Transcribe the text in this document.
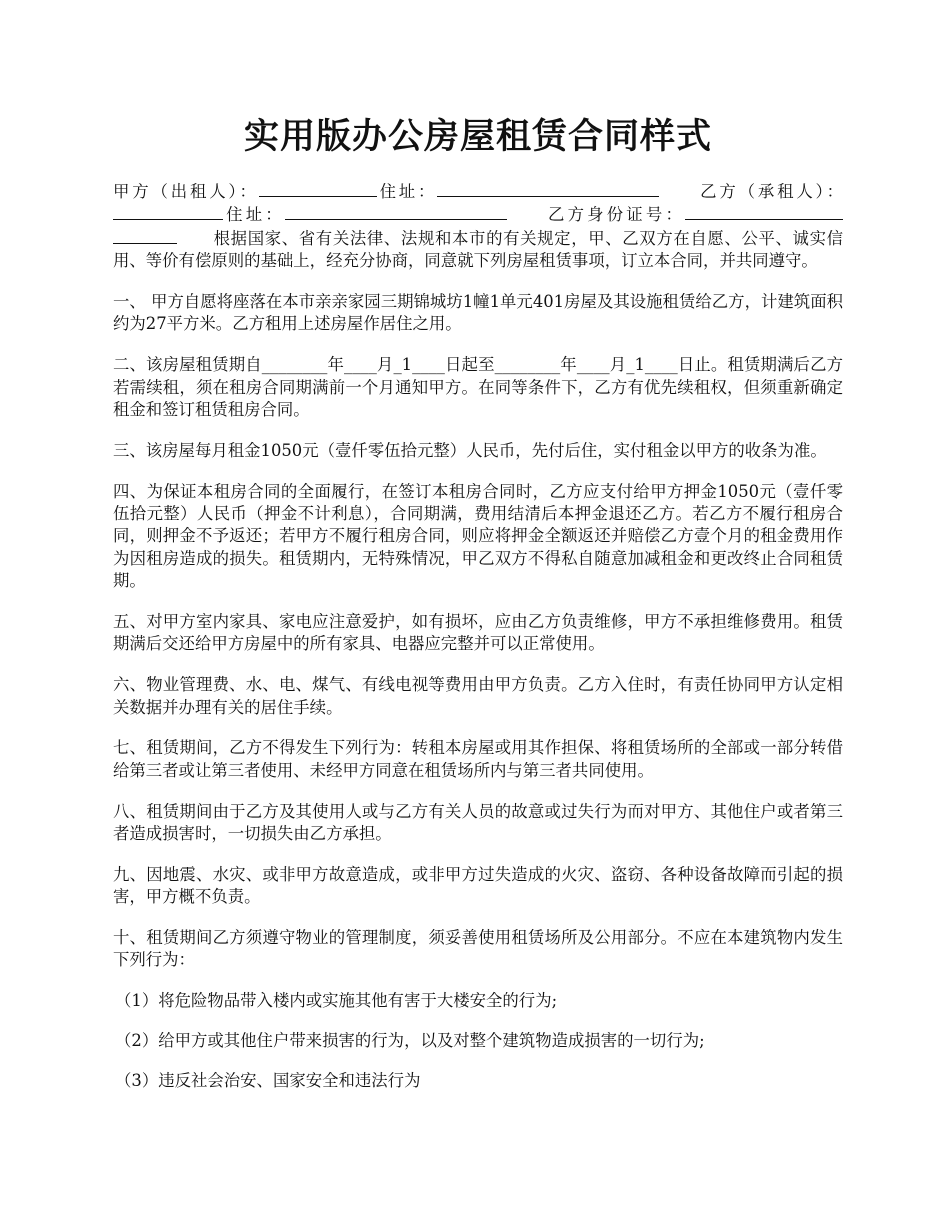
实用版办公房屋租赁合同样式

甲方（出租人）：	住址：	乙方（承租人）：住址：	乙方身份证号：根据国家、省有关法律、法规和本市的有关规定，甲、乙双方在自愿、公平、诚实信用、等价有偿原则的基础上，经充分协商，同意就下列房屋租赁事项，订立本合同，并共同遵守。

一、 甲方自愿将座落在本市亲亲家园三期锦城坊1幢1单元401房屋及其设施租赁给乙方，计建筑面积约为27平方米。乙方租用上述房屋作居住之用。

二、该房屋租赁期自________年____月_1____日起至________年____月_1____日止。租赁期满后乙方若需续租，须在租房合同期满前一个月通知甲方。在同等条件下，乙方有优先续租权，但须重新确定租金和签订租赁租房合同。

三、该房屋每月租金1050元（壹仟零伍拾元整）人民币，先付后住，实付租金以甲方的收条为准。

四、为保证本租房合同的全面履行，在签订本租房合同时，乙方应支付给甲方押金1050元（壹仟零伍拾元整）人民币（押金不计利息），合同期满，费用结清后本押金退还乙方。若乙方不履行租房合同，则押金不予返还；若甲方不履行租房合同，则应将押金全额返还并赔偿乙方壹个月的租金费用作为因租房造成的损失。租赁期内，无特殊情况，甲乙双方不得私自随意加减租金和更改终止合同租赁期。

五、对甲方室内家具、家电应注意爱护，如有损坏，应由乙方负责维修，甲方不承担维修费用。租赁期满后交还给甲方房屋中的所有家具、电器应完整并可以正常使用。

六、物业管理费、水、电、煤气、有线电视等费用由甲方负责。乙方入住时，有责任协同甲方认定相关数据并办理有关的居住手续。

七、租赁期间，乙方不得发生下列行为：转租本房屋或用其作担保、将租赁场所的全部或一部分转借给第三者或让第三者使用、未经甲方同意在租赁场所内与第三者共同使用。

八、租赁期间由于乙方及其使用人或与乙方有关人员的故意或过失行为而对甲方、其他住户或者第三者造成损害时，一切损失由乙方承担。

九、因地震、水灾、或非甲方故意造成，或非甲方过失造成的火灾、盗窃、各种设备故障而引起的损害，甲方概不负责。

十、租赁期间乙方须遵守物业的管理制度，须妥善使用租赁场所及公用部分。不应在本建筑物内发生下列行为：

（1）将危险物品带入楼内或实施其他有害于大楼安全的行为;

（2）给甲方或其他住户带来损害的行为，以及对整个建筑物造成损害的一切行为;

（3）违反社会治安、国家安全和违法行为
